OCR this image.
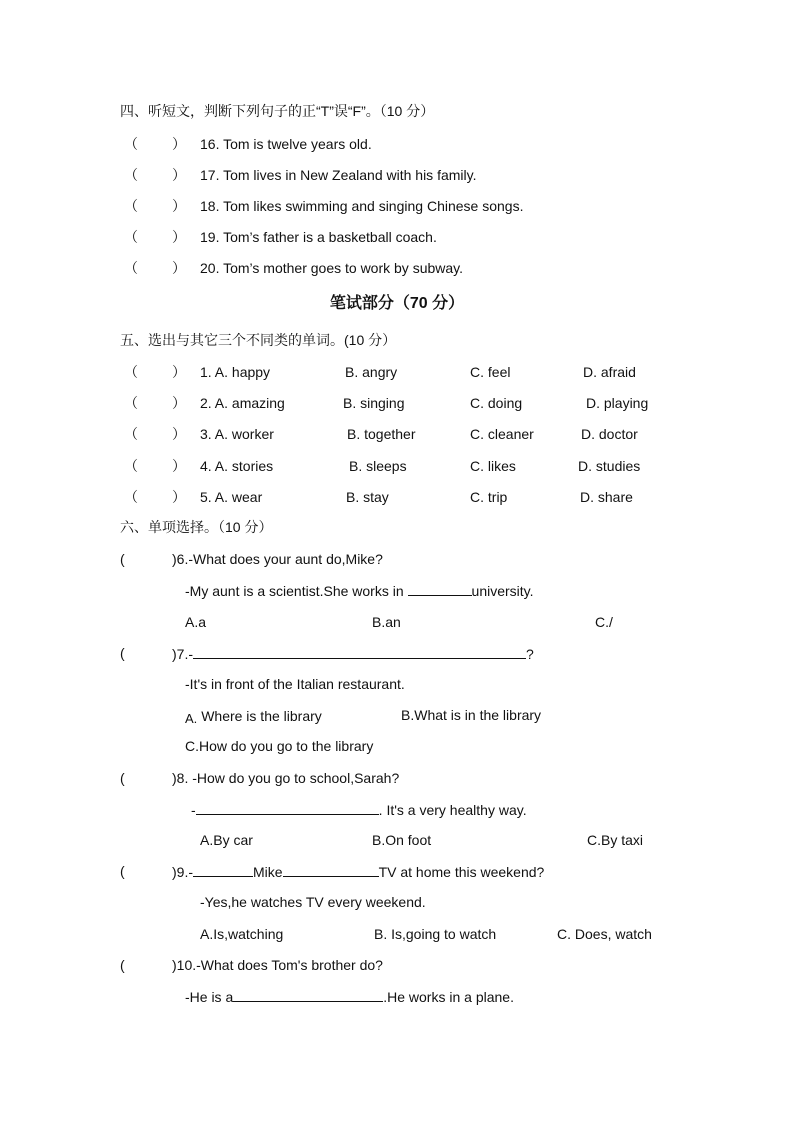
四、听短文，判断下列句子的正“T”误“F”。（10 分）
（ ） 16. Tom is twelve years old.
（ ） 17. Tom lives in New Zealand with his family.
（ ） 18. Tom likes swimming and singing Chinese songs.
（ ） 19. Tom’s father is a basketball coach.
（ ） 20. Tom’s mother goes to work by subway.
笔试部分（70 分）
五、选出与其它三个不同类的单词。(10 分）
（ ） 1. A. happy	B. angry	C. feel	D. afraid
（ ） 2. A. amazing	B. singing	C. doing	D. playing
（ ） 3. A. worker	B. together	C. cleaner	D. doctor
（ ） 4. A. stories	B. sleeps	C. likes	D. studies
（ ） 5. A. wear	B. stay	C. trip	D. share
六、单项选择。（10 分）
(	)6.-What does your aunt do,Mike?
-My aunt is a scientist.She works in	university.
A.a	B.an	C./
(	)7.-	?
-It's in front of the Italian restaurant.
A. Where is the library	B.What is in the library
C.How do you go to the library
(	)8. -How do you go to school,Sarah?
-	. It's a very healthy way.
A.By car	B.On foot	C.By taxi
(	)9.-	Mike	TV at home this weekend?
-Yes,he watches TV every weekend.
A.Is,watching	B. Is,going to watch	C. Does, watch
(	)10.-What does Tom's brother do?
-He is a	.He works in a plane.
